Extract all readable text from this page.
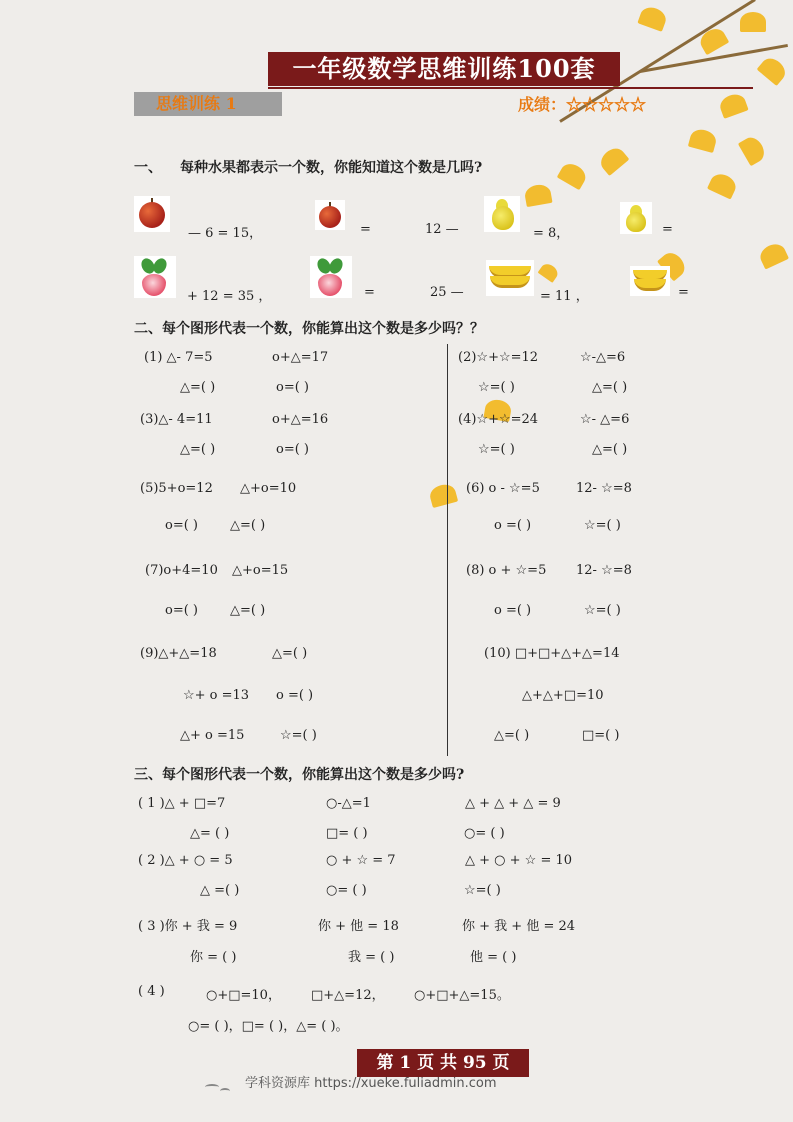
一年级数学思维训练100套
思维训练 1	成绩：☆☆☆☆☆
一、 每种水果都表示一个数，你能知道这个数是几吗?
— 6 = 15，	=	12 —	= 8，	=
+ 12 = 35 ，	=	25 —	= 11 ，	=
二、每个图形代表一个数，你能算出这个数是多少吗？？
(1) △- 7=5	o+△=17
△=( )	o=( )
(3)△- 4=11	o+△=16
△=( )	o=( )
(5)5+o=12 △+o=10
o=( ) △=( )
(7)o+4=10 △+o=15
o=( ) △=( )
(9)△+△=18	△=( )
☆+ o =13 o =( )
△+ o =15	☆=( )
(2)☆+☆=12	☆-△=6
☆=( )	△=( )
(4)☆+☆=24	☆- △=6
☆=( )	△=( )
(6) o - ☆=5	12- ☆=8
o =( )	☆=( )
(8) o + ☆=5 12- ☆=8
o =( )	☆=( )
(10) □+□+△+△=14
△+△+□=10
△=( )	□=( )
三、每个图形代表一个数，你能算出这个数是多少吗?
( 1 )△ + □=7	○-△=1	△ + △ + △ = 9
△= ( )	□= ( )	○= ( )
( 2 )△ + ○ = 5	○ + ☆ = 7	△ + ○ + ☆ = 10
△ =( )	○= ( )	☆=( )
( 3 )你 + 我 = 9	你 + 他 = 18	你 + 我 + 他 = 24
你 = ( )	我 = ( )	他 = ( )
( 4 )	○+□=10， □+△=12， ○+□+△=15。
○= ( )，□= ( )，△= ( )。
第 1 页 共 95 页
学科资源库 https://xueke.fuliadmin.com
